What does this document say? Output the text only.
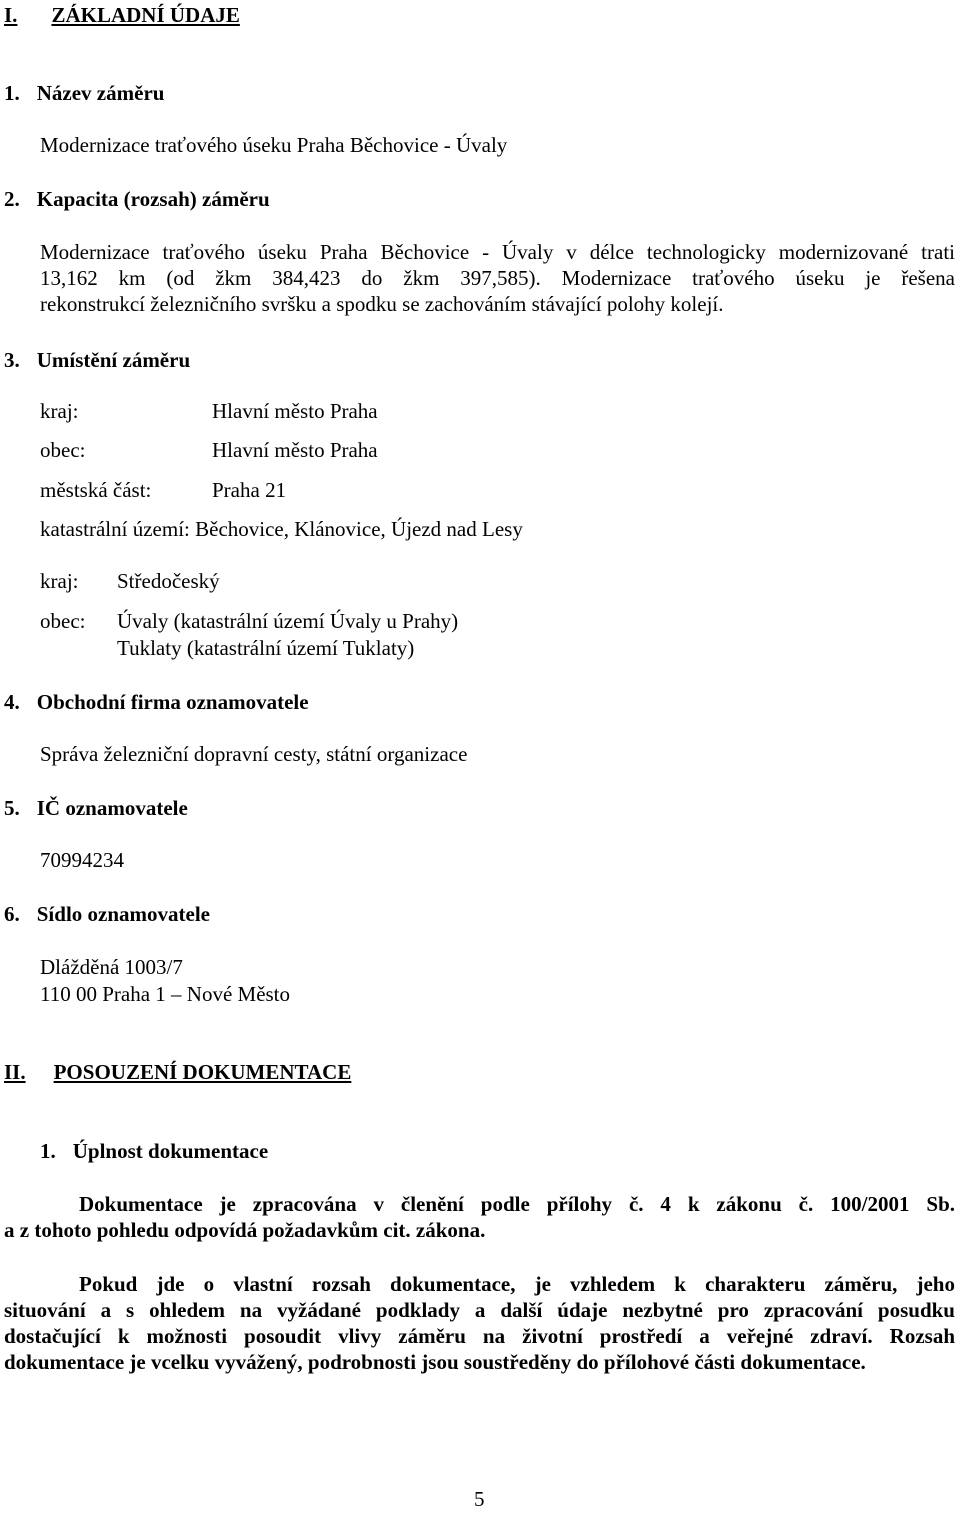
I. ZÁKLADNÍ ÚDAJE
1. Název záměru
Modernizace traťového úseku Praha Běchovice - Úvaly
2. Kapacita (rozsah) záměru
Modernizace traťového úseku Praha Běchovice - Úvaly v délce technologicky modernizované trati
13,162 km (od žkm 384,423 do žkm 397,585). Modernizace traťového úseku je řešena
rekonstrukcí železničního svršku a spodku se zachováním stávající polohy kolejí.
3. Umístění záměru
kraj:	Hlavní město Praha
obec:	Hlavní město Praha
městská část:	Praha 21
katastrální území: Běchovice, Klánovice, Újezd nad Lesy
kraj: Středočeský
obec: Úvaly (katastrální území Úvaly u Prahy)
Tuklaty (katastrální území Tuklaty)
4. Obchodní firma oznamovatele
Správa železniční dopravní cesty, státní organizace
5. IČ oznamovatele
70994234
6. Sídlo oznamovatele
Dlážděná 1003/7
110 00 Praha 1 – Nové Město
II. POSOUZENÍ DOKUMENTACE
1. Úplnost dokumentace
Dokumentace je zpracována v členění podle přílohy č. 4 k zákonu č. 100/2001 Sb.
a z tohoto pohledu odpovídá požadavkům cit. zákona.
Pokud jde o vlastní rozsah dokumentace, je vzhledem k charakteru záměru, jeho
situování a s ohledem na vyžádané podklady a další údaje nezbytné pro zpracování posudku
dostačující k možnosti posoudit vlivy záměru na životní prostředí a veřejné zdraví. Rozsah
dokumentace je vcelku vyvážený, podrobnosti jsou soustředěny do přílohové části dokumentace.
5
